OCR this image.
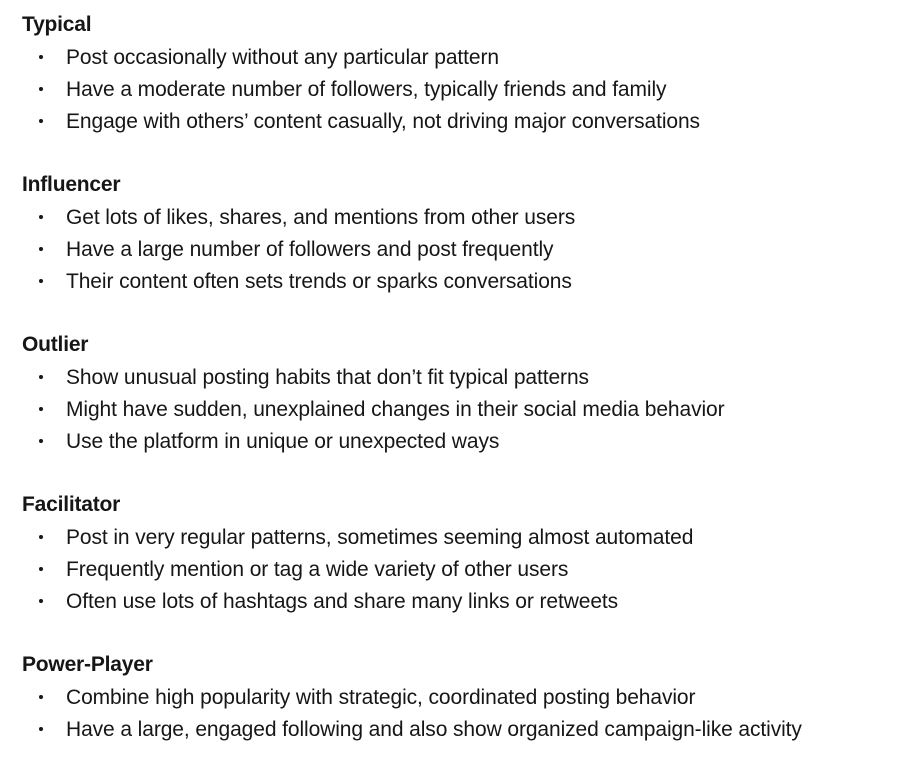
Typical
Post occasionally without any particular pattern
Have a moderate number of followers, typically friends and family
Engage with others’ content casually, not driving major conversations
Influencer
Get lots of likes, shares, and mentions from other users
Have a large number of followers and post frequently
Their content often sets trends or sparks conversations
Outlier
Show unusual posting habits that don’t fit typical patterns
Might have sudden, unexplained changes in their social media behavior
Use the platform in unique or unexpected ways
Facilitator
Post in very regular patterns, sometimes seeming almost automated
Frequently mention or tag a wide variety of other users
Often use lots of hashtags and share many links or retweets
Power-Player
Combine high popularity with strategic, coordinated posting behavior
Have a large, engaged following and also show organized campaign-like activity
